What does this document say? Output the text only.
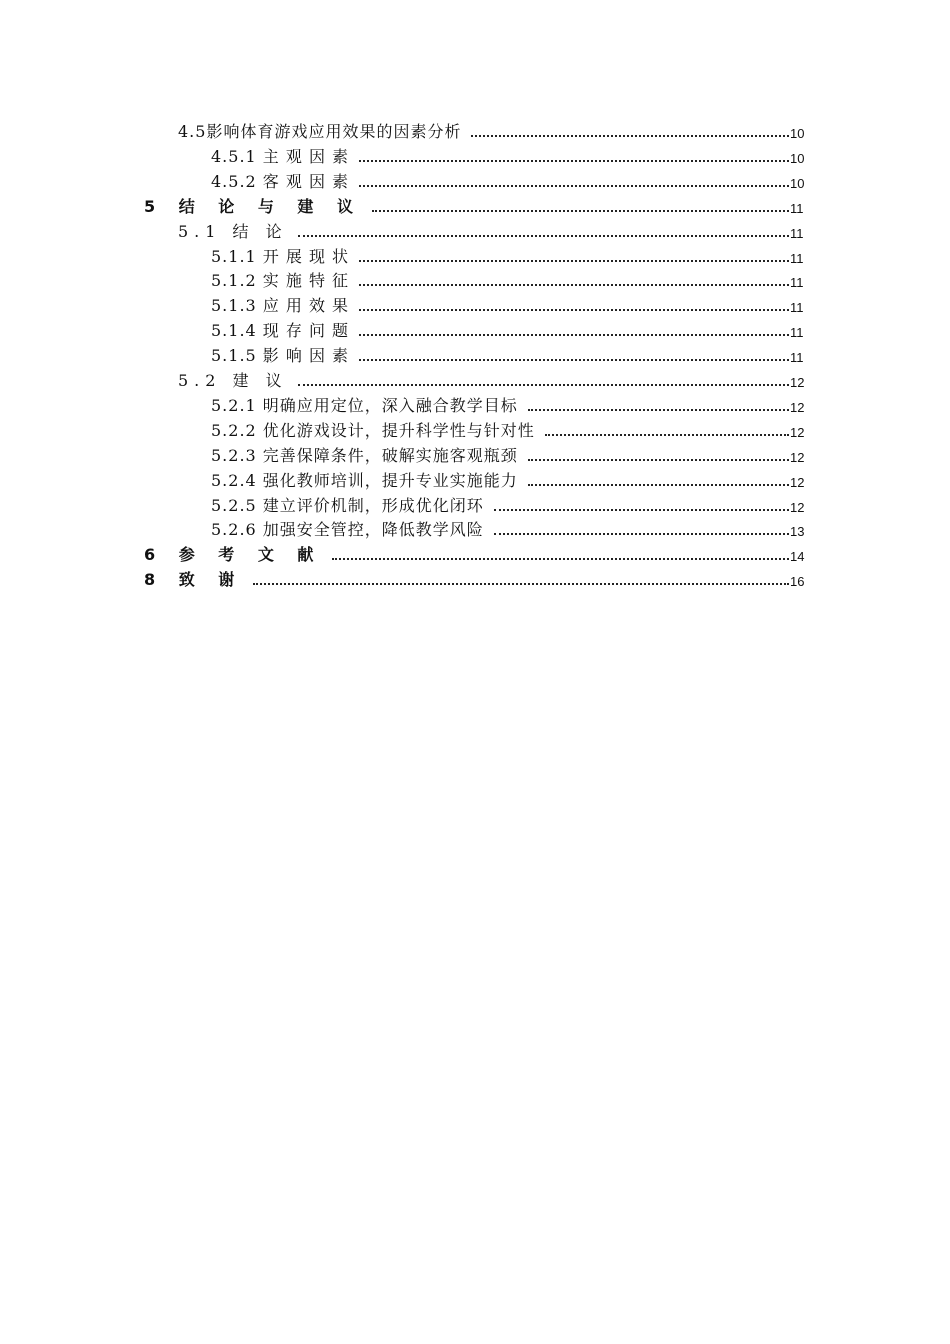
4.5影响体育游戏应用效果的因素分析	10
4.5.1 主 观 因 素	10
4.5.2 客 观 因 素	10
5 结 论 与 建 议	11
5.1 结 论	11
5.1.1 开 展 现 状	11
5.1.2 实 施 特 征	11
5.1.3 应 用 效 果	11
5.1.4 现 存 问 题	11
5.1.5 影 响 因 素	11
5.2 建 议	12
5.2.1 明确应用定位，深入融合教学目标	12
5.2.2 优化游戏设计，提升科学性与针对性	12
5.2.3 完善保障条件，破解实施客观瓶颈	12
5.2.4 强化教师培训，提升专业实施能力	12
5.2.5 建立评价机制，形成优化闭环	12
5.2.6 加强安全管控，降低教学风险	13
6 参 考 文 献	14
8 致 谢	16
